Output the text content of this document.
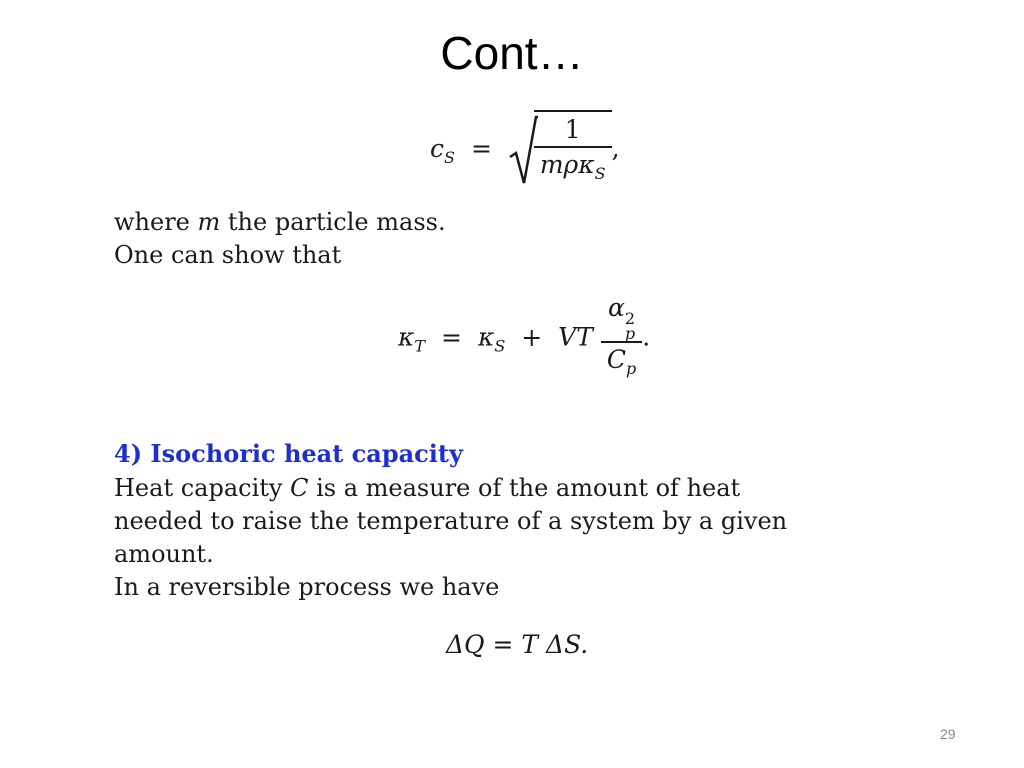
Cont…
$c_S = \frac{1}{m\rho\kappa_S}$ ,
where m the particle mass.
One can show that
$\kappa_T = \kappa_S$ + VT α 2
p
$C_p$ .
4) Isochoric heat capacity
Heat capacity C is a measure of the amount of heat
needed to raise the temperature of a system by a given
amount.
In a reversible process we have
ΔQ = T ΔS.
29
